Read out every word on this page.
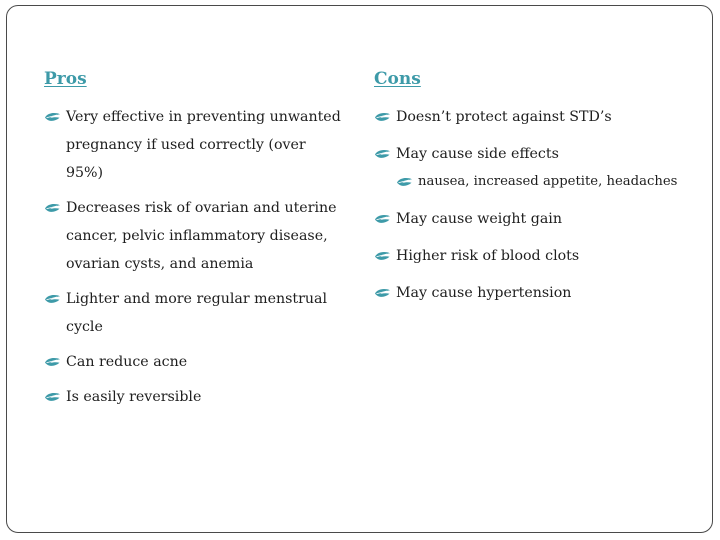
Pros
Very effective in preventing unwanted pregnancy if used correctly (over 95%)
Decreases risk of ovarian and uterine cancer, pelvic inflammatory disease, ovarian cysts, and anemia
Lighter and more regular menstrual cycle
Can reduce acne
Is easily reversible
Cons
Doesn’t protect against STD’s
May cause side effects
nausea, increased appetite, headaches
May cause weight gain
Higher risk of blood clots
May cause hypertension
